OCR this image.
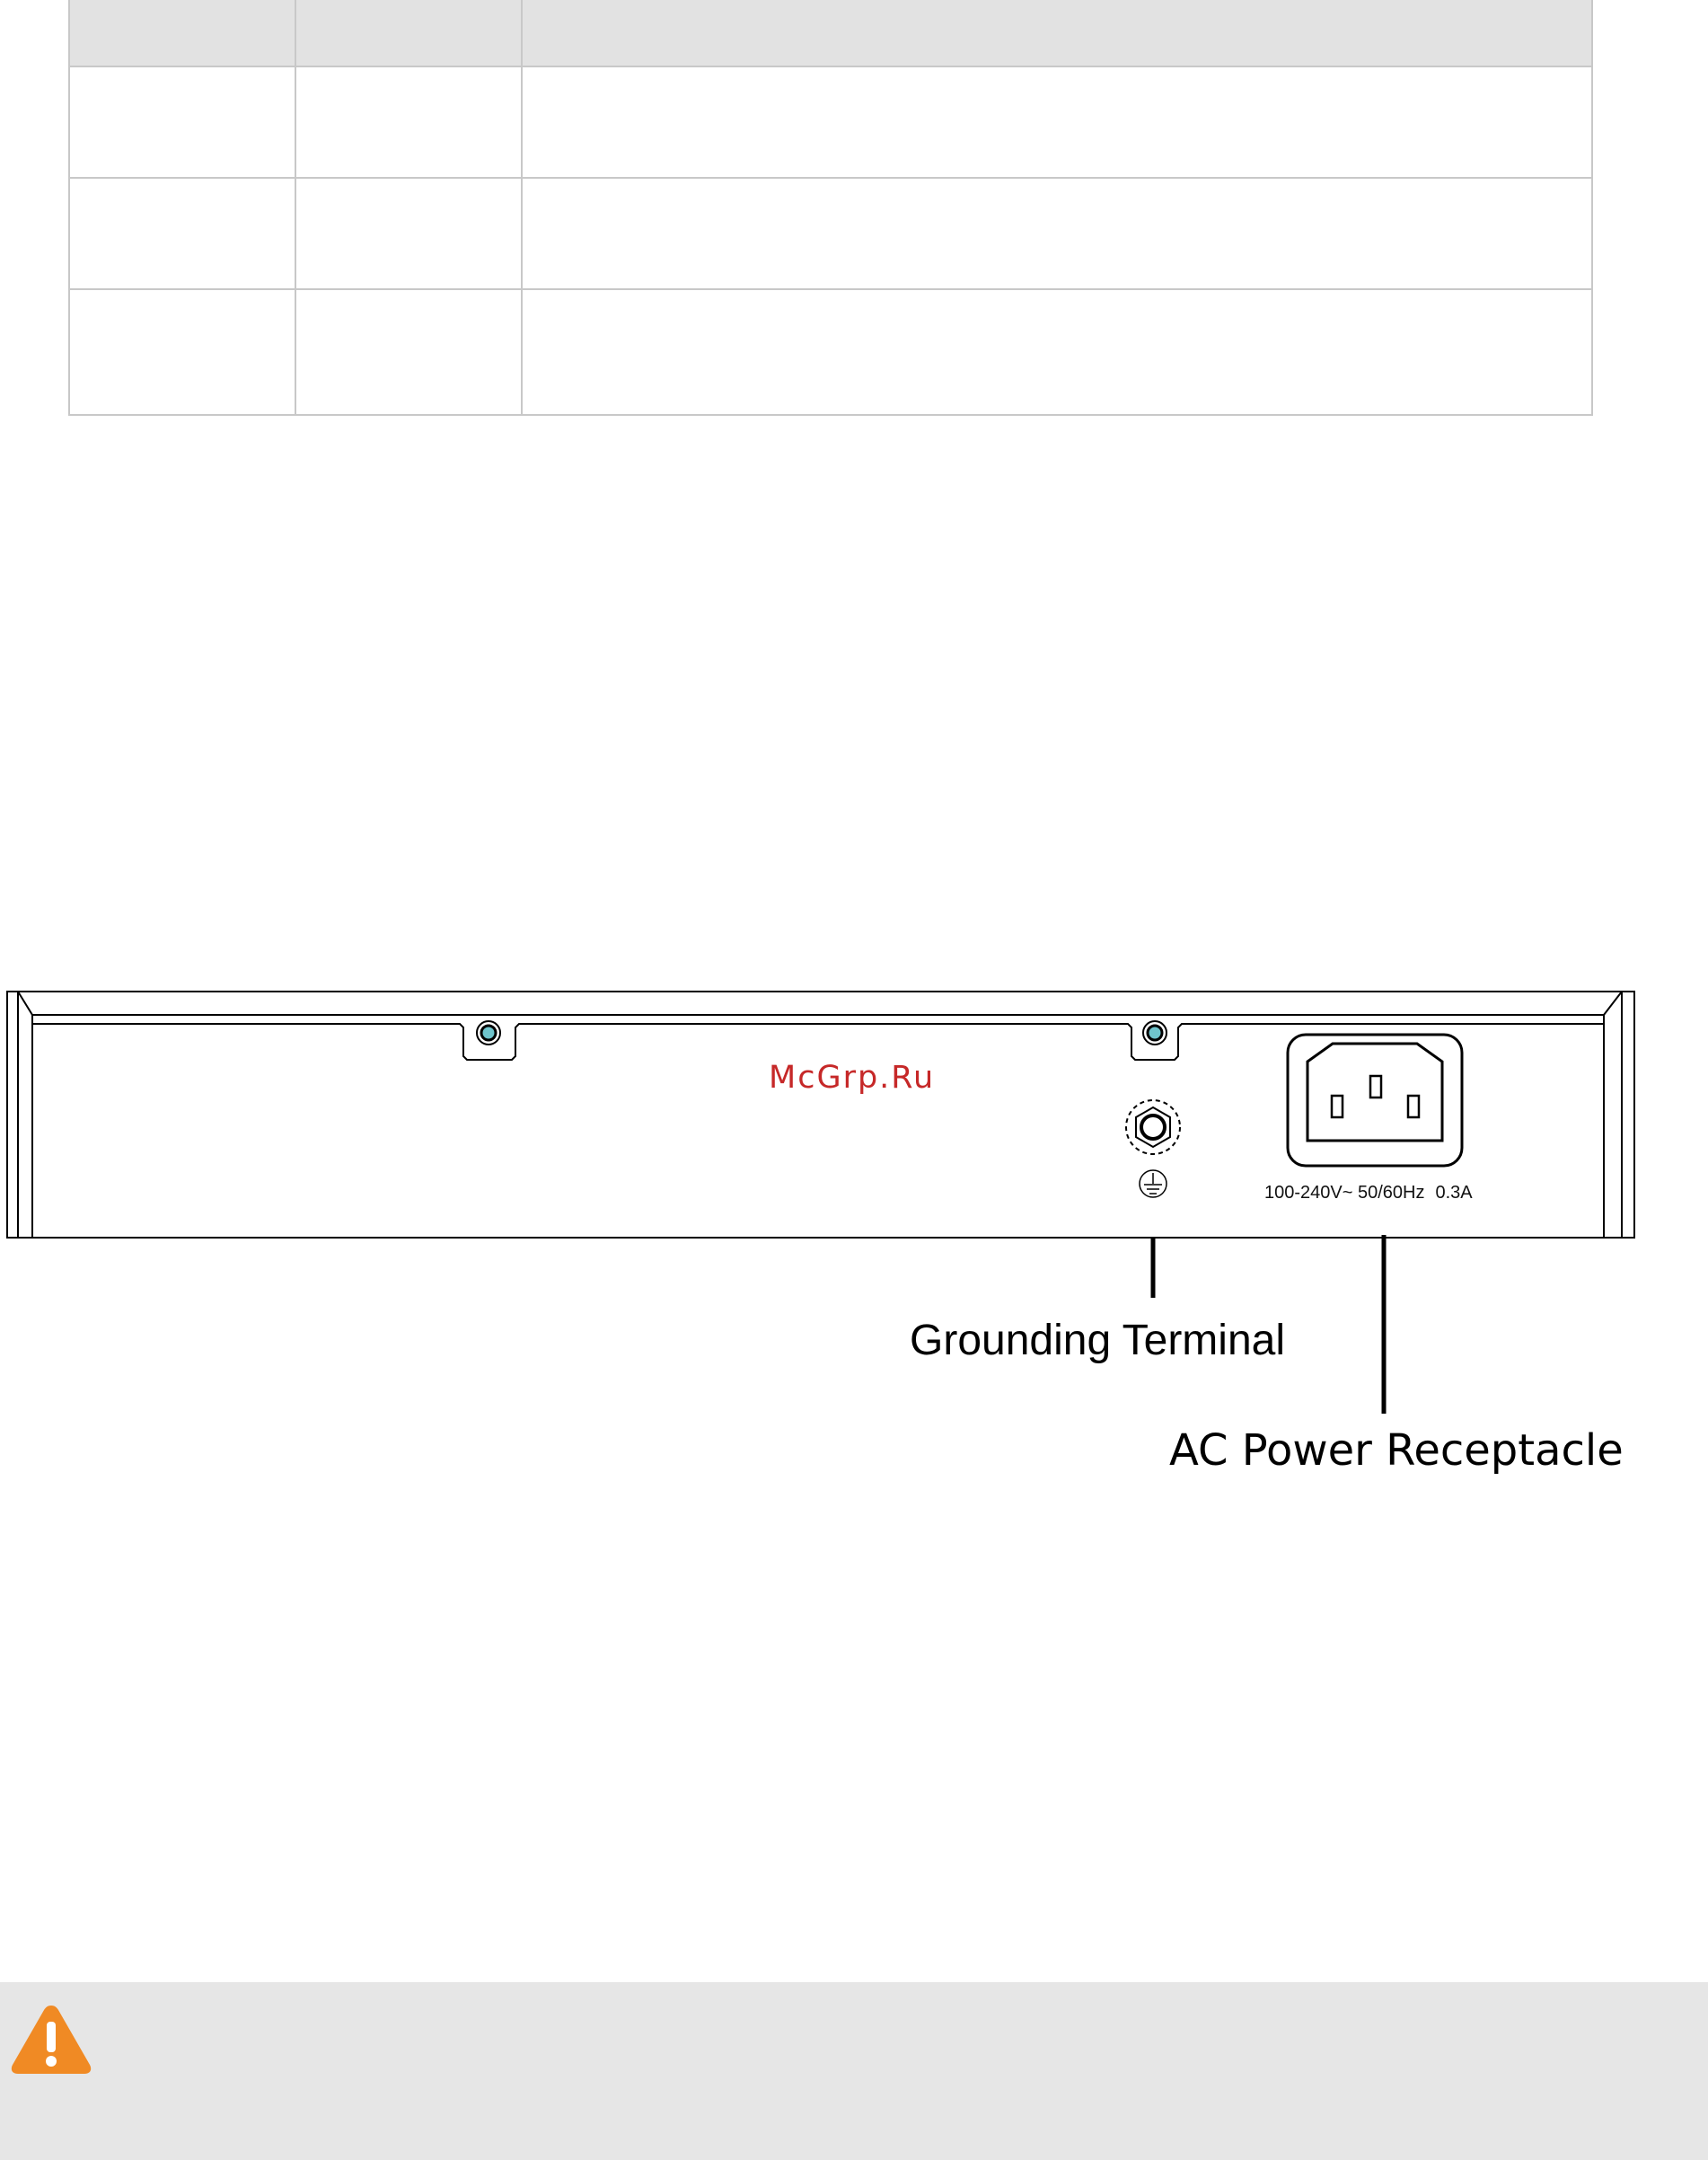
McGrp.Ru
100-240V~ 50/60Hz 0.3A
Grounding Terminal
AC Power Receptacle
